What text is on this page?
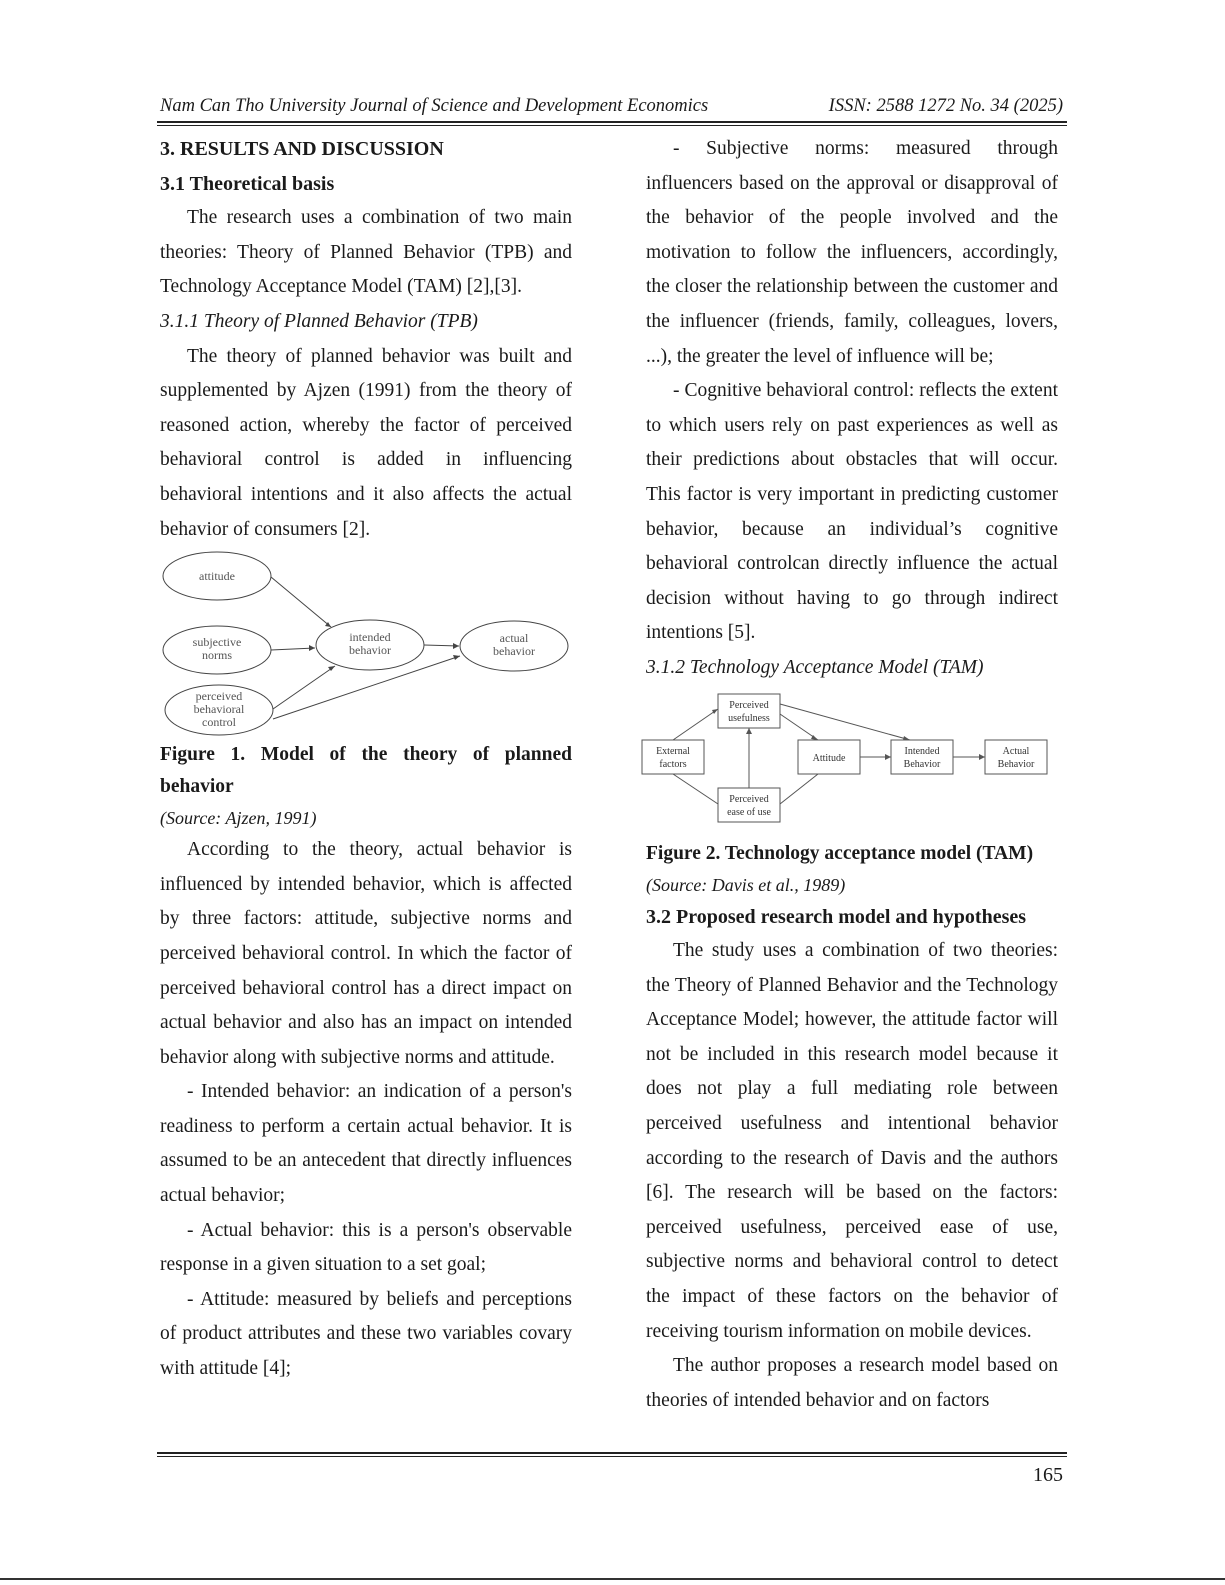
Nam Can Tho University Journal of Science and Development Economics	ISSN: 2588 1272 No. 34 (2025)
3. RESULTS AND DISCUSSION
3.1 Theoretical basis

The research uses a combination of two main theories: Theory of Planned Behavior (TPB) and Technology Acceptance Model (TAM) [2],[3].

3.1.1 Theory of Planned Behavior (TPB)

The theory of planned behavior was built and supplemented by Ajzen (1991) from the theory of reasoned action, whereby the factor of perceived behavioral control is added in influencing behavioral intentions and it also affects the actual behavior of consumers [2].

attitude
subjective
norms
intended
behavior
actual
behavior
perceived
behavioral
control

Figure 1. Model of the theory of planned behavior

(Source: Ajzen, 1991)

According to the theory, actual behavior is influenced by intended behavior, which is affected by three factors: attitude, subjective norms and perceived behavioral control. In which the factor of perceived behavioral control has a direct impact on actual behavior and also has an impact on intended behavior along with subjective norms and attitude.

- Intended behavior: an indication of a person's readiness to perform a certain actual behavior. It is assumed to be an antecedent that directly influences actual behavior;

- Actual behavior: this is a person's observable response in a given situation to a set goal;

- Attitude: measured by beliefs and perceptions of product attributes and these two variables covary with attitude [4];

- Subjective norms: measured through influencers based on the approval or disapproval of the behavior of the people involved and the motivation to follow the influencers, accordingly, the closer the relationship between the customer and the influencer (friends, family, colleagues, lovers, ...), the greater the level of influence will be;

- Cognitive behavioral control: reflects the extent to which users rely on past experiences as well as their predictions about obstacles that will occur. This factor is very important in predicting customer behavior, because an individual’s cognitive behavioral controlcan directly influence the actual decision without having to go through indirect intentions [5].

3.1.2 Technology Acceptance Model (TAM)

Perceived
usefulness
External
factors
Attitude
Intended
Behavior
Actual
Behavior
Perceived
ease of use

Figure 2. Technology acceptance model (TAM)

(Source: Davis et al., 1989)

3.2 Proposed research model and hypotheses

The study uses a combination of two theories: the Theory of Planned Behavior and the Technology Acceptance Model; however, the attitude factor will not be included in this research model because it does not play a full mediating role between perceived usefulness and intentional behavior according to the research of Davis and the authors [6]. The research will be based on the factors: perceived usefulness, perceived ease of use, subjective norms and behavioral control to detect the impact of these factors on the behavior of receiving tourism information on mobile devices.

The author proposes a research model based on theories of intended behavior and on factors

165
